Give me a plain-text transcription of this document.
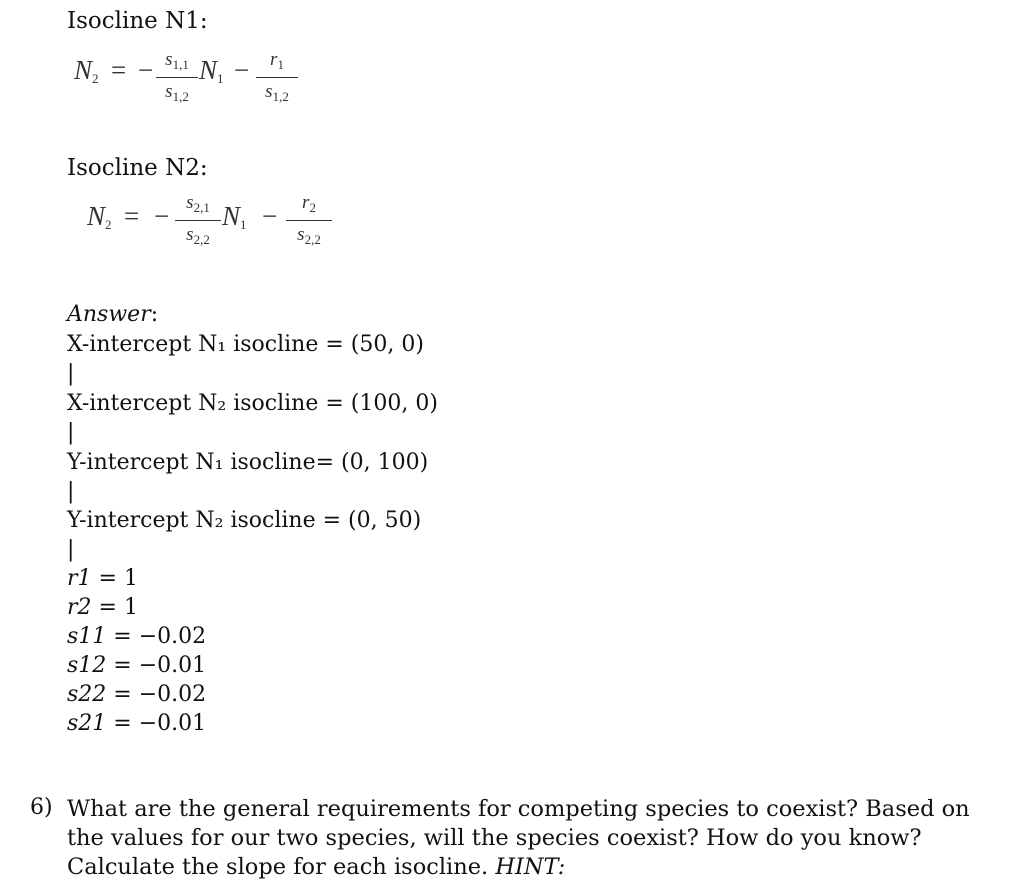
Isocline N1:
$N_2$ = − $s_{1,1}$
$s_{1,2}$
$N_1$ −	$r_1$
$s_{1,2}$
Isocline N2:
$N_2$ = − $s_{2,1}$
$s_{2,2}$
$N_1$ −	$r_2$
$s_{2,2}$
Answer:
X-intercept N₁ isocline = (50, 0)
|
X-intercept N₂ isocline = (100, 0)
|
Y-intercept N₁ isocline= (0, 100)
|
Y-intercept N₂ isocline = (0, 50)
|
r1 = 1
r2 = 1
s11 = −0.02
s12 = −0.01
s22 = −0.02
s21 = −0.01
6) What are the general requirements for competing species to coexist? Based on the values for our two species, will the species coexist? How do you know? Calculate the slope for each isocline. HINT:
